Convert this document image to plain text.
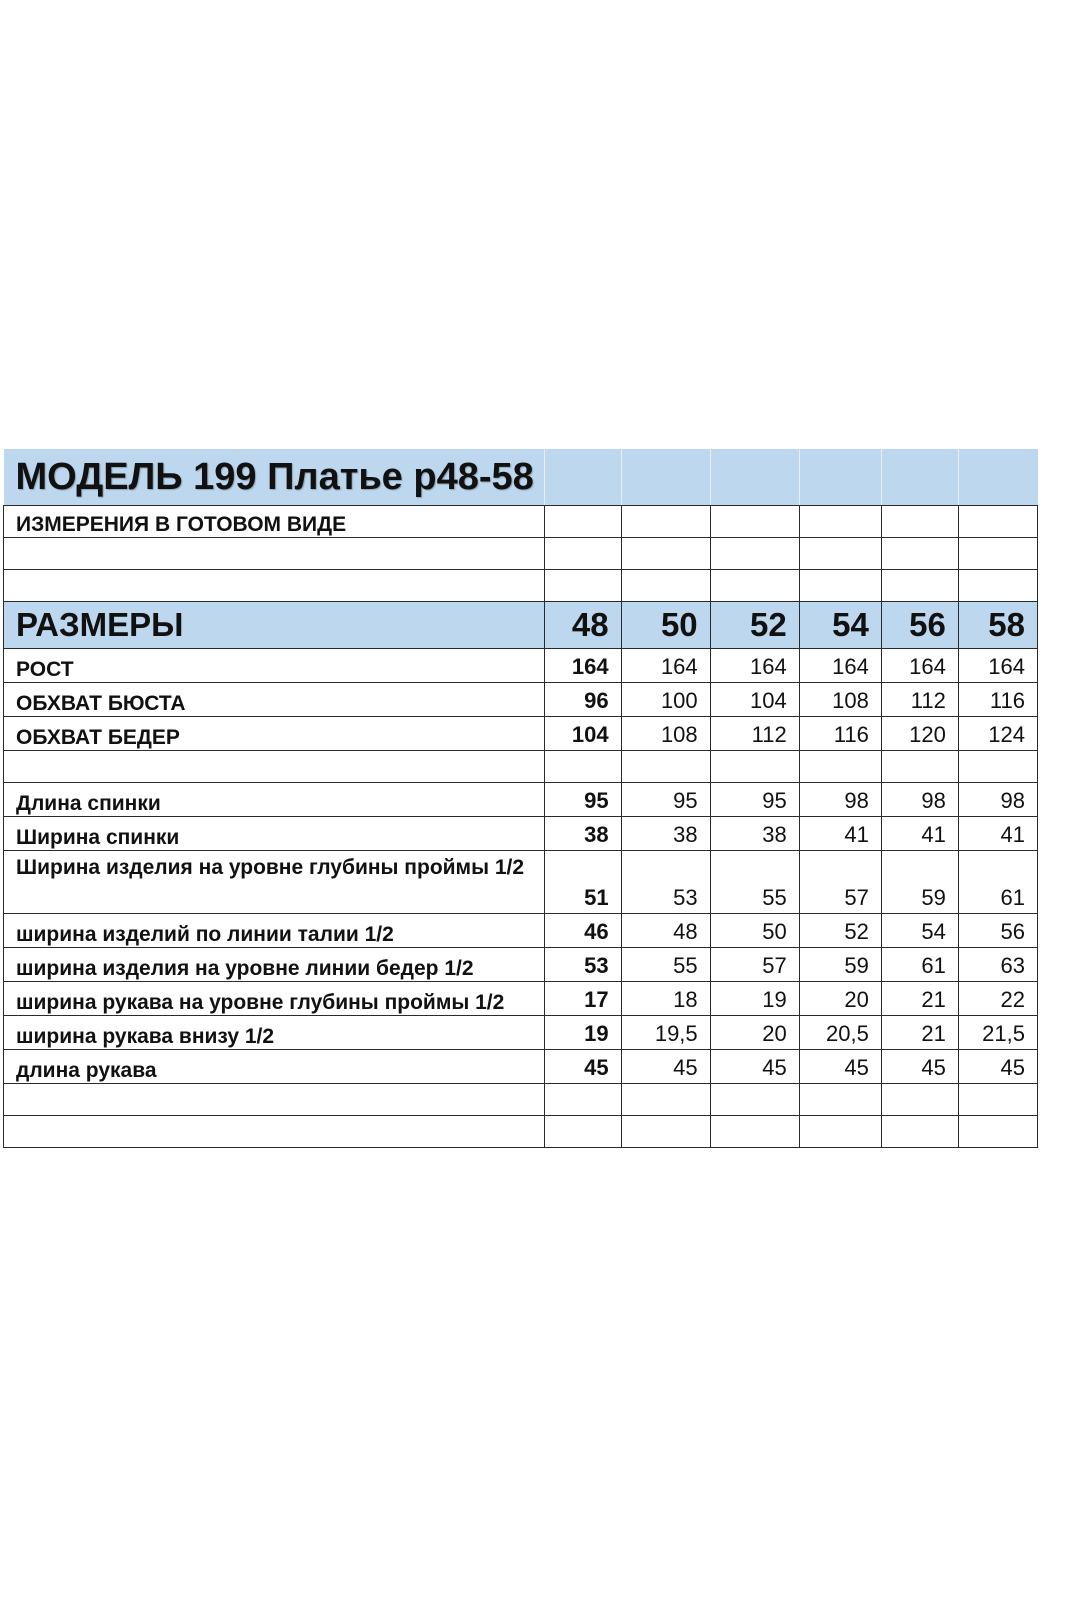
МОДЕЛЬ 199 Платье р48-58						
ИЗМЕРЕНИЯ В ГОТОВОМ ВИДЕ						

РАЗМЕРЫ	48	50	52	54	56	58
РОСТ	164	164	164	164	164	164
ОБХВАТ БЮСТА	96	100	104	108	112	116
ОБХВАТ БЕДЕР	104	108	112	116	120	124

Длина спинки	95	95	95	98	98	98
Ширина спинки	38	38	38	41	41	41
Ширина изделия на уровне глубины проймы 1/2	51	53	55	57	59	61
ширина изделий по линии талии 1/2	46	48	50	52	54	56
ширина изделия на уровне линии бедер 1/2	53	55	57	59	61	63
ширина рукава на уровне глубины проймы 1/2	17	18	19	20	21	22
ширина рукава внизу 1/2	19	19,5	20	20,5	21	21,5
длина рукава	45	45	45	45	45	45
